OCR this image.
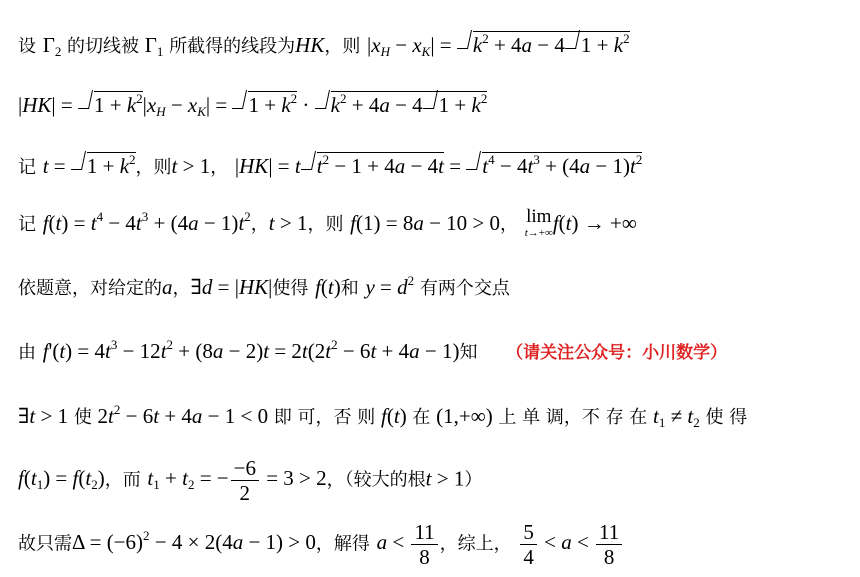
设 $\Gamma_2$ 的切线被 $\Gamma_1$ 所截得的线段为HK，则 $|x_H - x_K| = k^2 + 4a - 4$ $1 + k^2$
$|HK| = 1 + k^2|x_H - x_K| = 1 + k^2 \cdot k^2 + 4a - 4$ $1 + k^2$
记 $t = 1 + k^2$，则t > 1， |HK| = t $t^2 - 1 + 4a - 4t = t^4 - 4t^3 + (4a - 1)t^2$
记 $f(t) = t^4 - 4t^3 + (4a - 1)t^2$，t > 1，则 f(1) = 8a − 10 > 0， lim
t→+∞ f(t) → +∞
依题意，对给定的a，∃d = |HK|使得 f(t)和 $y = d^2$ 有两个交点
由 $f'(t) = 4t^3 - 12t^2 + (8a - 2)t = 2t(2t^2 - 6t + 4a - 1)$知 （请关注公众号：小川数学）
∃t > 1 使 $2t^2 - 6t + 4a - 1 < 0$ 即 可，否 则 f(t) 在 (1,+∞) 上 单 调，不 存 在 $t_1 \ne t_2$ 使 得
$f(t_1) = f(t_2)$，而 $t_1 + t_2$ = − $\frac{-6}{2} = 3 > 2$，（较大的根t > 1）
故只需$\Delta = (-6)^2 - 4 \times 2(4a - 1) > 0$，解得 $a < \frac{11}{8}$ ，综上， $\frac{5}{4} < a < \frac{11}{8}$
